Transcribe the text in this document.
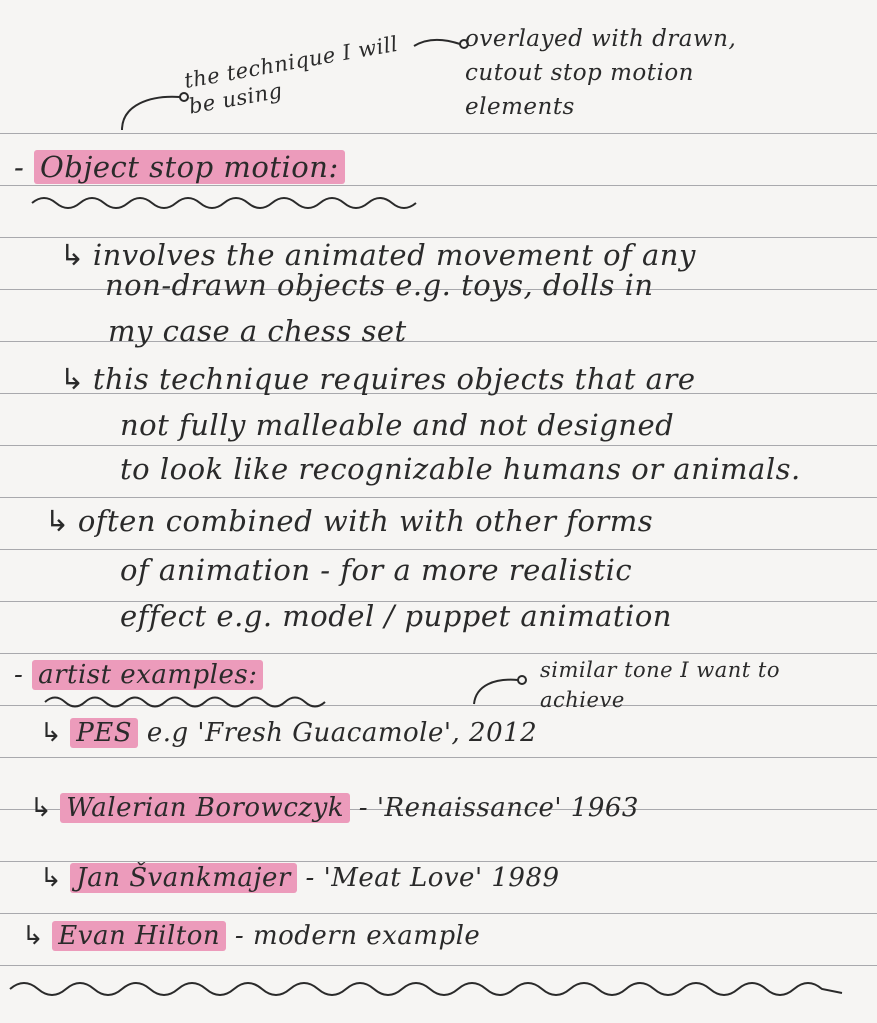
the technique I will be using
overlayed with drawn, cutout stop motion elements
- Object stop motion:
↳ involves the animated movement of any
non-drawn objects e.g. toys, dolls in
my case a chess set
↳ this technique requires objects that are
not fully malleable and not designed
to look like recognizable humans or animals.
↳ often combined with with other forms
of animation - for a more realistic
effect e.g. model / puppet animation
- artist examples:	similar tone I want to achieve
↳ PES e.g 'Fresh Guacamole', 2012
↳ Walerian Borowczyk - 'Renaissance' 1963
↳ Jan Švankmajer - 'Meat Love' 1989
↳ Evan Hilton - modern example
